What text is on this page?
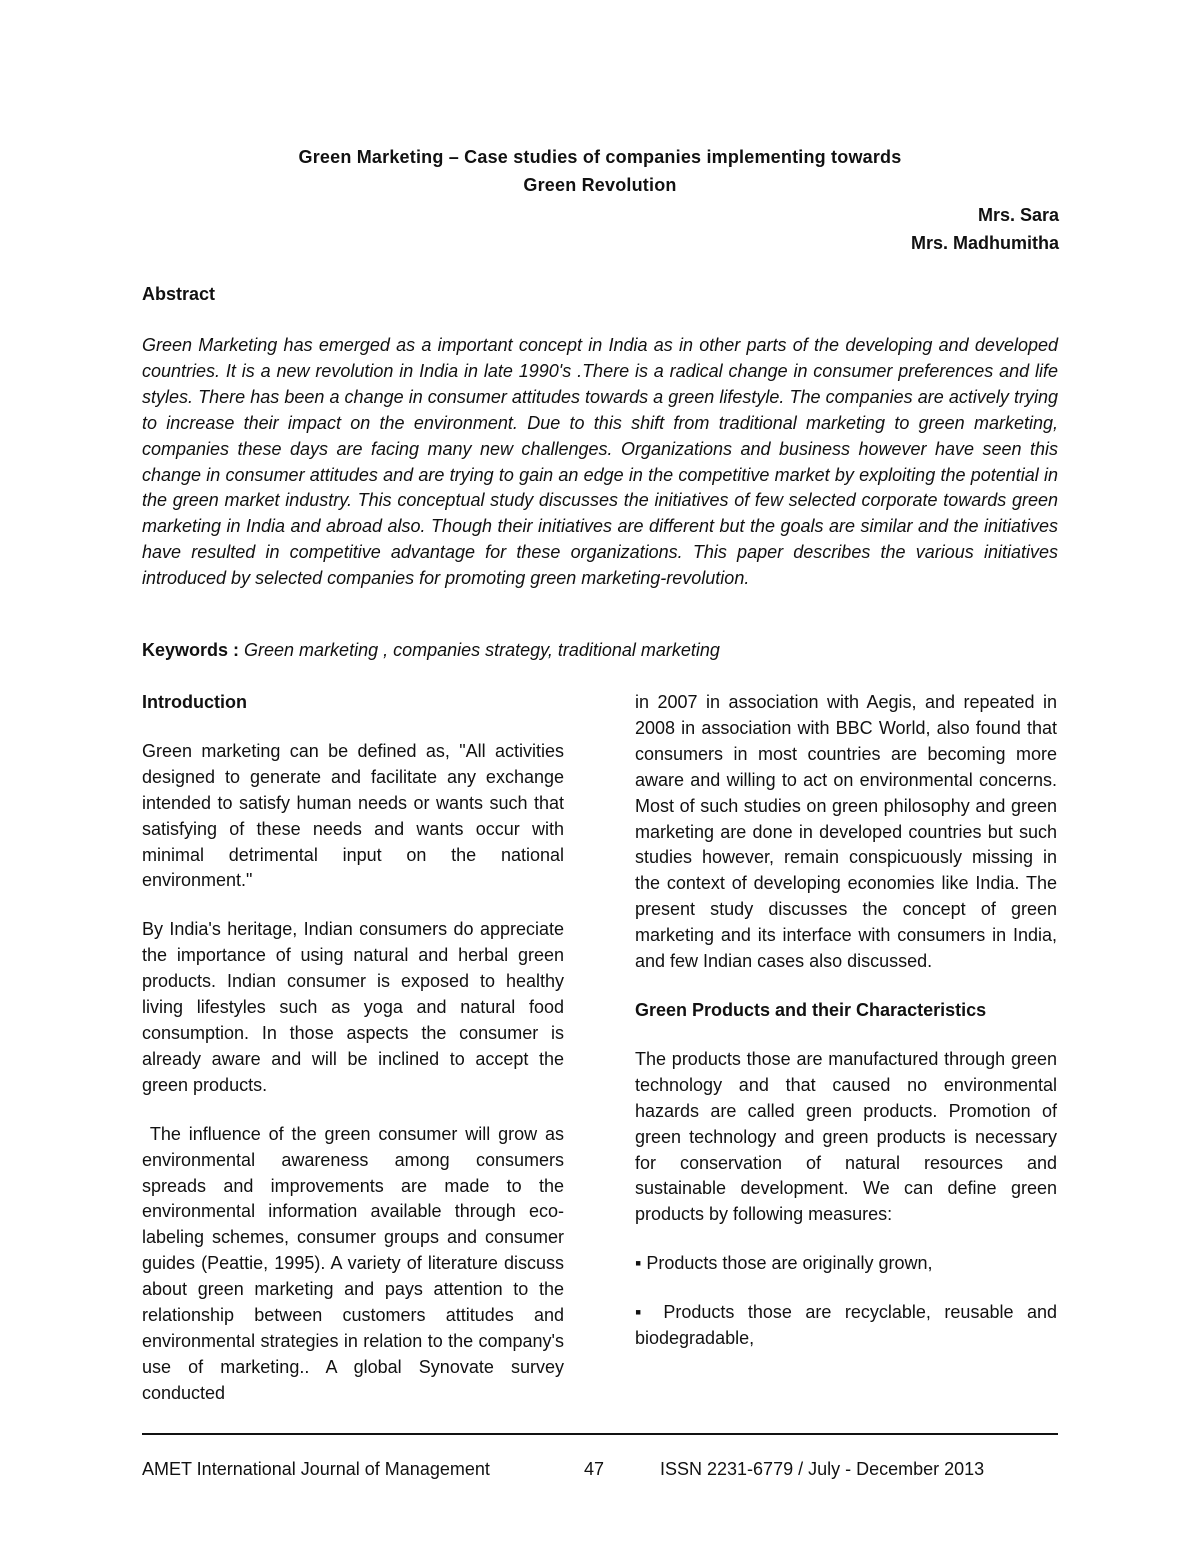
Green Marketing – Case studies of companies implementing towards
Green Revolution
Mrs. Sara
Mrs. Madhumitha
Abstract
Green Marketing has emerged as a important concept in India as in other parts of the developing and developed countries. It is a new revolution in India in late 1990's .There is a radical change in consumer preferences and life styles. There has been a change in consumer attitudes towards a green lifestyle. The companies are actively trying to increase their impact on the environment. Due to this shift from traditional marketing to green marketing, companies these days are facing many new challenges. Organizations and business however have seen this change in consumer attitudes and are trying to gain an edge in the competitive market by exploiting the potential in the green market industry. This conceptual study discusses the initiatives of few selected corporate towards green marketing in India and abroad also. Though their initiatives are different but the goals are similar and the initiatives have resulted in competitive advantage for these organizations. This paper describes the various initiatives introduced by selected companies for promoting green marketing-revolution.
Keywords : Green marketing , companies strategy, traditional marketing
Introduction

Green marketing can be defined as, "All activities designed to generate and facilitate any exchange intended to satisfy human needs or wants such that satisfying of these needs and wants occur with minimal detrimental input on the national environment."

By India's heritage, Indian consumers do appreciate the importance of using natural and herbal green products. Indian consumer is exposed to healthy living lifestyles such as yoga and natural food consumption. In those aspects the consumer is already aware and will be inclined to accept the green products.

The influence of the green consumer will grow as environmental awareness among consumers spreads and improvements are made to the environmental information available through eco-labeling schemes, consumer groups and consumer guides (Peattie, 1995). A variety of literature discuss about green marketing and pays attention to the relationship between customers attitudes and environmental strategies in relation to the company's use of marketing.. A global Synovate survey conducted

in 2007 in association with Aegis, and repeated in 2008 in association with BBC World, also found that consumers in most countries are becoming more aware and willing to act on environmental concerns. Most of such studies on green philosophy and green marketing are done in developed countries but such studies however, remain conspicuously missing in the context of developing economies like India. The present study discusses the concept of green marketing and its interface with consumers in India, and few Indian cases also discussed.

Green Products and their Characteristics

The products those are manufactured through green technology and that caused no environmental hazards are called green products. Promotion of green technology and green products is necessary for conservation of natural resources and sustainable development. We can define green products by following measures:

▪ Products those are originally grown,

▪ Products those are recyclable, reusable and biodegradable,

AMET International Journal of Management	47	ISSN 2231-6779 / July - December 2013
